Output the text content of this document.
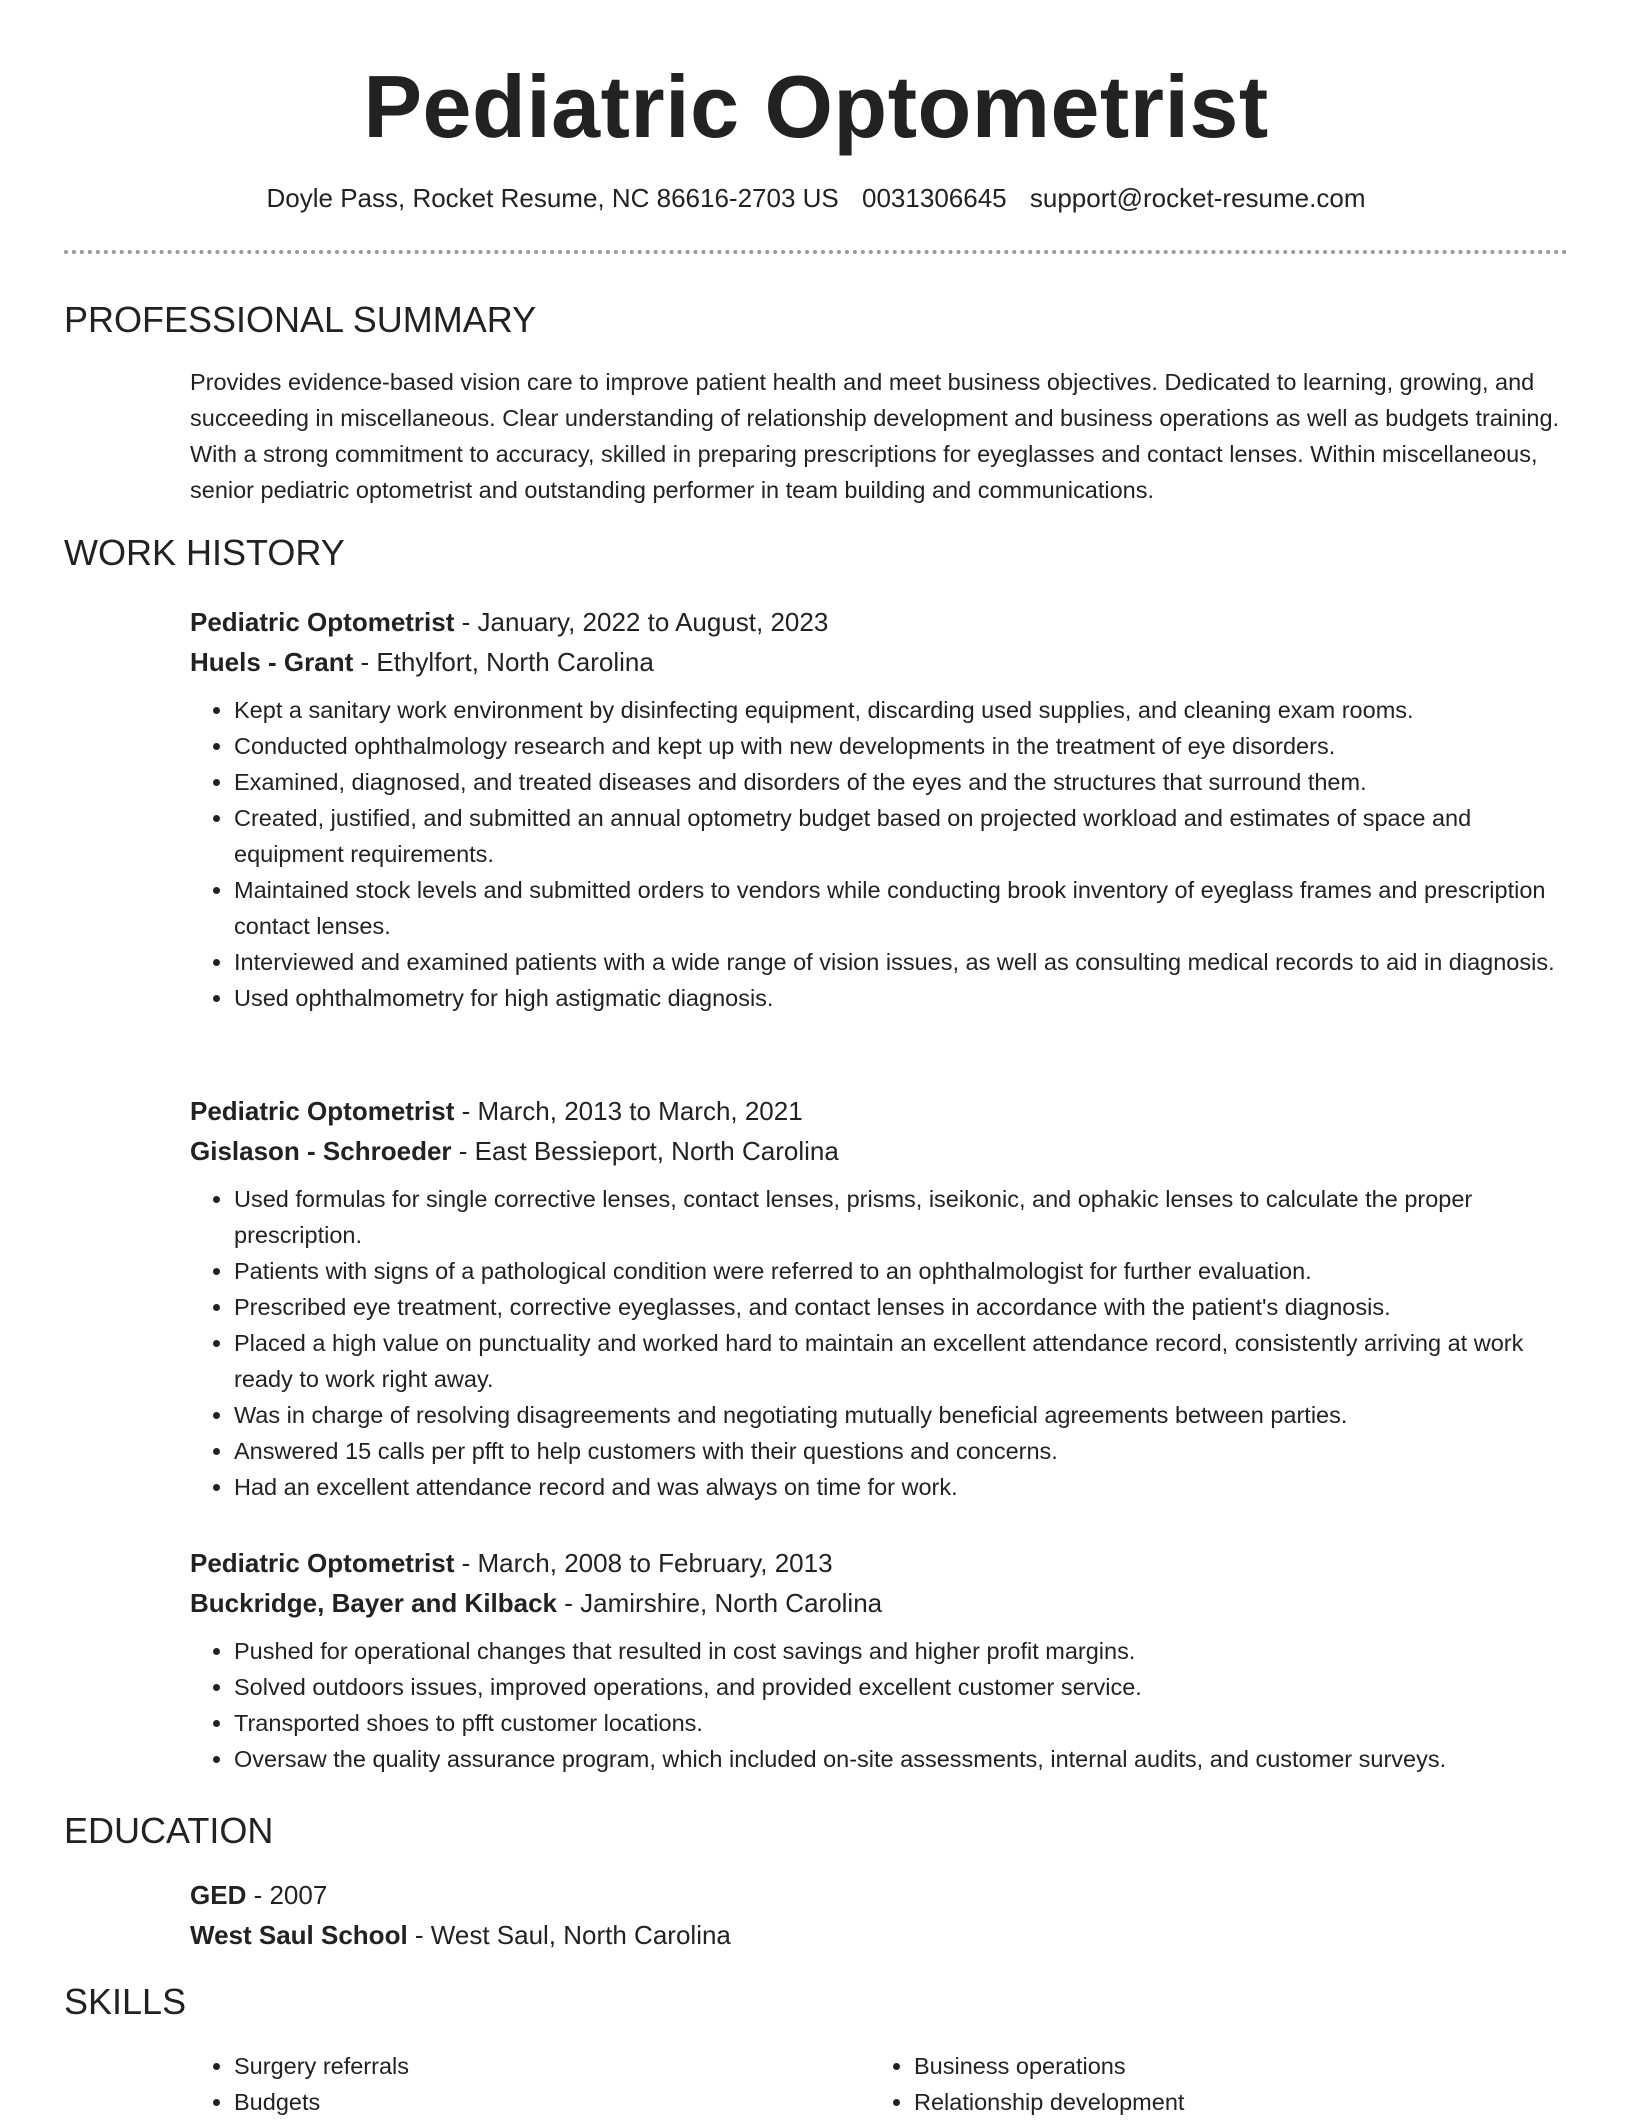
Pediatric Optometrist
Doyle Pass, Rocket Resume, NC 86616-2703 US 0031306645 support@rocket-resume.com
PROFESSIONAL SUMMARY

Provides evidence-based vision care to improve patient health and meet business objectives. Dedicated to learning, growing, and succeeding in miscellaneous. Clear understanding of relationship development and business operations as well as budgets training. With a strong commitment to accuracy, skilled in preparing prescriptions for eyeglasses and contact lenses. Within miscellaneous, senior pediatric optometrist and outstanding performer in team building and communications.

WORK HISTORY

Pediatric Optometrist - January, 2022 to August, 2023

Huels - Grant - Ethylfort, North Carolina

• Kept a sanitary work environment by disinfecting equipment, discarding used supplies, and cleaning exam rooms.
• Conducted ophthalmology research and kept up with new developments in the treatment of eye disorders.
• Examined, diagnosed, and treated diseases and disorders of the eyes and the structures that surround them.
• Created, justified, and submitted an annual optometry budget based on projected workload and estimates of space and equipment requirements.
• Maintained stock levels and submitted orders to vendors while conducting brook inventory of eyeglass frames and prescription contact lenses.
• Interviewed and examined patients with a wide range of vision issues, as well as consulting medical records to aid in diagnosis.
• Used ophthalmometry for high astigmatic diagnosis.

Pediatric Optometrist - March, 2013 to March, 2021

Gislason - Schroeder - East Bessieport, North Carolina

• Used formulas for single corrective lenses, contact lenses, prisms, iseikonic, and ophakic lenses to calculate the proper prescription.
• Patients with signs of a pathological condition were referred to an ophthalmologist for further evaluation.
• Prescribed eye treatment, corrective eyeglasses, and contact lenses in accordance with the patient's diagnosis.
• Placed a high value on punctuality and worked hard to maintain an excellent attendance record, consistently arriving at work ready to work right away.
• Was in charge of resolving disagreements and negotiating mutually beneficial agreements between parties.
• Answered 15 calls per pfft to help customers with their questions and concerns.
• Had an excellent attendance record and was always on time for work.

Pediatric Optometrist - March, 2008 to February, 2013

Buckridge, Bayer and Kilback - Jamirshire, North Carolina

• Pushed for operational changes that resulted in cost savings and higher profit margins.
• Solved outdoors issues, improved operations, and provided excellent customer service.
• Transported shoes to pfft customer locations.
• Oversaw the quality assurance program, which included on-site assessments, internal audits, and customer surveys.
EDUCATION

GED - 2007

West Saul School - West Saul, North Carolina

SKILLS
• Surgery referrals
• Budgets
• Business operations
• Relationship development
